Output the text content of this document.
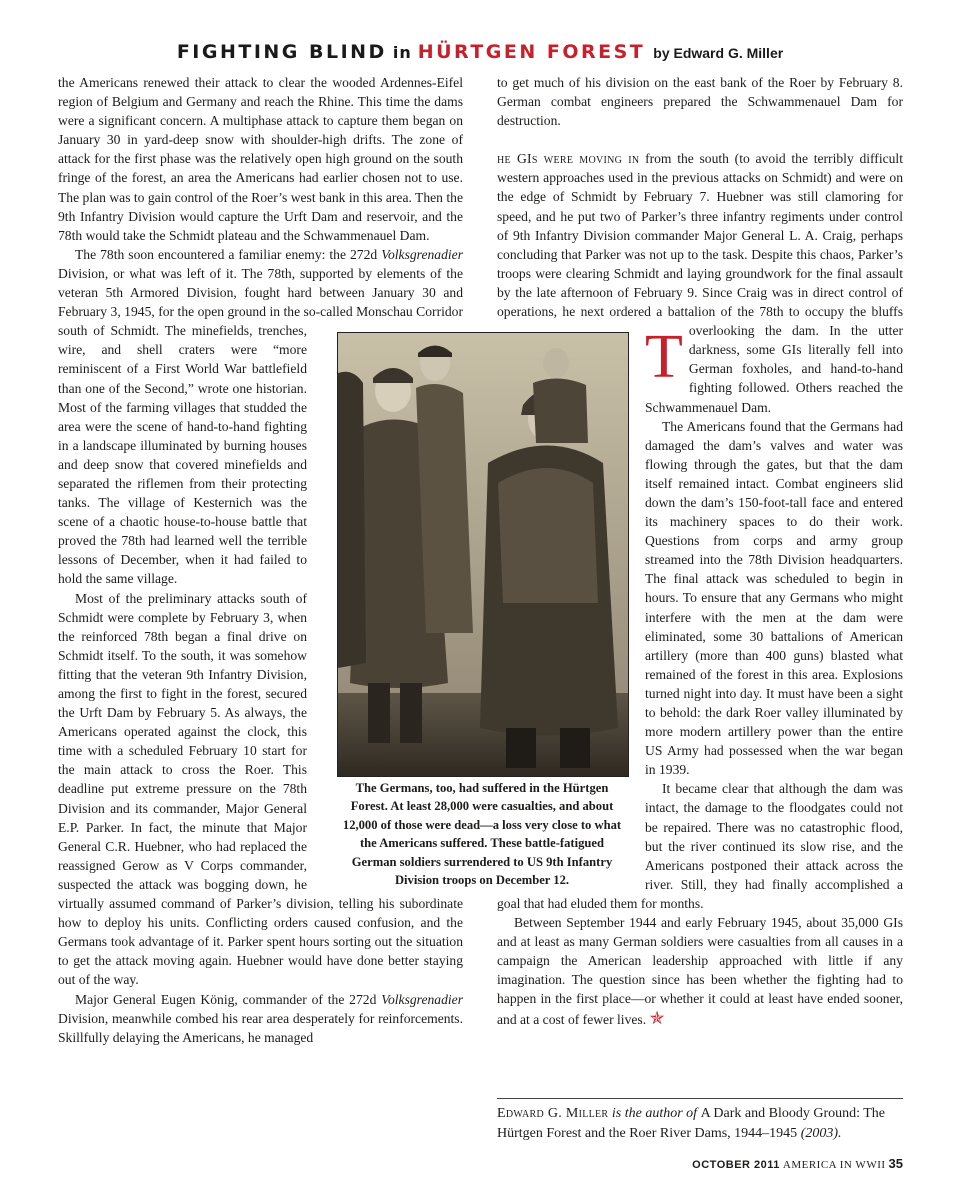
FIGHTING BLIND in HÜRTGEN FOREST by Edward G. Miller

the Americans renewed their attack to clear the wooded Ardennes-Eifel region of Belgium and Germany and reach the Rhine. This time the dams were a significant concern. A multiphase attack to capture them began on January 30 in yard-deep snow with shoulder-high drifts. The zone of attack for the first phase was the relatively open high ground on the south fringe of the forest, an area the Americans had earlier chosen not to use. The plan was to gain control of the Roer’s west bank in this area. Then the 9th Infantry Division would capture the Urft Dam and reservoir, and the 78th would take the Schmidt plateau and the Schwammenauel Dam.

The 78th soon encountered a familiar enemy: the 272d Volksgrenadier Division, or what was left of it. The 78th, supported by elements of the veteran 5th Armored Division, fought hard between January 30 and February 3, 1945, for the open ground in the so-called Monschau Corridor south of Schmidt. The minefields, trenches, wire, and shell craters were “more reminiscent of a First World War battlefield than one of the Second,” wrote one historian. Most of the farming villages that studded the area were the scene of hand-to-hand fighting in a landscape illuminated by burning houses and deep snow that covered minefields and separated the riflemen from their protecting tanks. The village of Kesternich was the scene of a chaotic house-to-house battle that proved the 78th had learned well the terrible lessons of December, when it had failed to hold the same village.

Most of the preliminary attacks south of Schmidt were complete by February 3, when the reinforced 78th began a final drive on Schmidt itself. To the south, it was somehow fitting that the veteran 9th Infantry Division, among the first to fight in the forest, secured the Urft Dam by February 5. As always, the Americans operated against the clock, this time with a scheduled February 10 start for the main attack to cross the Roer. This deadline put extreme pressure on the 78th Division and its commander, Major General E.P. Parker. In fact, the minute that Major General C.R. Huebner, who had replaced the reassigned Gerow as V Corps commander, suspected the attack was bogging down, he virtually assumed command of Parker’s division, telling his subordinate how to deploy his units. Conflicting orders caused confusion, and the Germans took advantage of it. Parker spent hours sorting out the situation to get the attack moving again. Huebner would have done better staying out of the way.

Major General Eugen König, commander of the 272d Volksgrenadier Division, meanwhile combed his rear area desperately for reinforcements. Skillfully delaying the Americans, he managed

to get much of his division on the east bank of the Roer by February 8. German combat engineers prepared the Schwammenauel Dam for destruction.

T
he GIs were moving in from the south (to avoid the terribly difficult western approaches used in the previous attacks on Schmidt) and were on the edge of Schmidt by February 7. Huebner was still clamoring for speed, and he put two of Parker’s three infantry regiments under control of 9th Infantry Division commander Major General L. A. Craig, perhaps concluding that Parker was not up to the task. Despite this chaos, Parker’s troops were clearing Schmidt and laying groundwork for the final assault by the late afternoon of February 9. Since Craig was in direct control of operations, he next ordered a battalion of the 78th to occupy the bluffs overlooking the dam. In the utter darkness, some GIs literally fell into German foxholes, and hand-to-hand fighting followed. Others reached the Schwammenauel Dam.

The Americans found that the Germans had damaged the dam’s valves and water was flowing through the gates, but that the dam itself remained intact. Combat engineers slid down the dam’s 150-foot-tall face and entered its machinery spaces to do their work. Questions from corps and army group streamed into the 78th Division headquarters. The final attack was scheduled to begin in hours. To ensure that any Germans who might interfere with the men at the dam were eliminated, some 30 battalions of American artillery (more than 400 guns) blasted what remained of the forest in this area. Explosions turned night into day. It must have been a sight to behold: the dark Roer valley illuminated by more modern artillery power than the entire US Army had possessed when the war began in 1939.

It became clear that although the dam was intact, the damage to the floodgates could not be repaired. There was no catastrophic flood, but the river continued its slow rise, and the Americans postponed their attack across the river. Still, they had finally accomplished a goal that had eluded them for months.

Between September 1944 and early February 1945, about 35,000 GIs and at least as many German soldiers were casualties from all causes in a campaign the American leadership approached with little if any imagination. The question since has been whether the fighting had to happen in the first place—or whether it could at least have ended sooner, and at a cost of fewer lives. ✯

The Germans, too, had suffered in the Hürtgen Forest. At least 28,000 were casualties, and about 12,000 of those were dead—a loss very close to what the Americans suffered. These battle-fatigued German soldiers surrendered to US 9th Infantry Division troops on December 12.
Edward G. Miller is the author of A Dark and Bloody Ground: The Hürtgen Forest and the Roer River Dams, 1944–1945 (2003).
OCTOBER 2011 AMERICA IN WWII 35
